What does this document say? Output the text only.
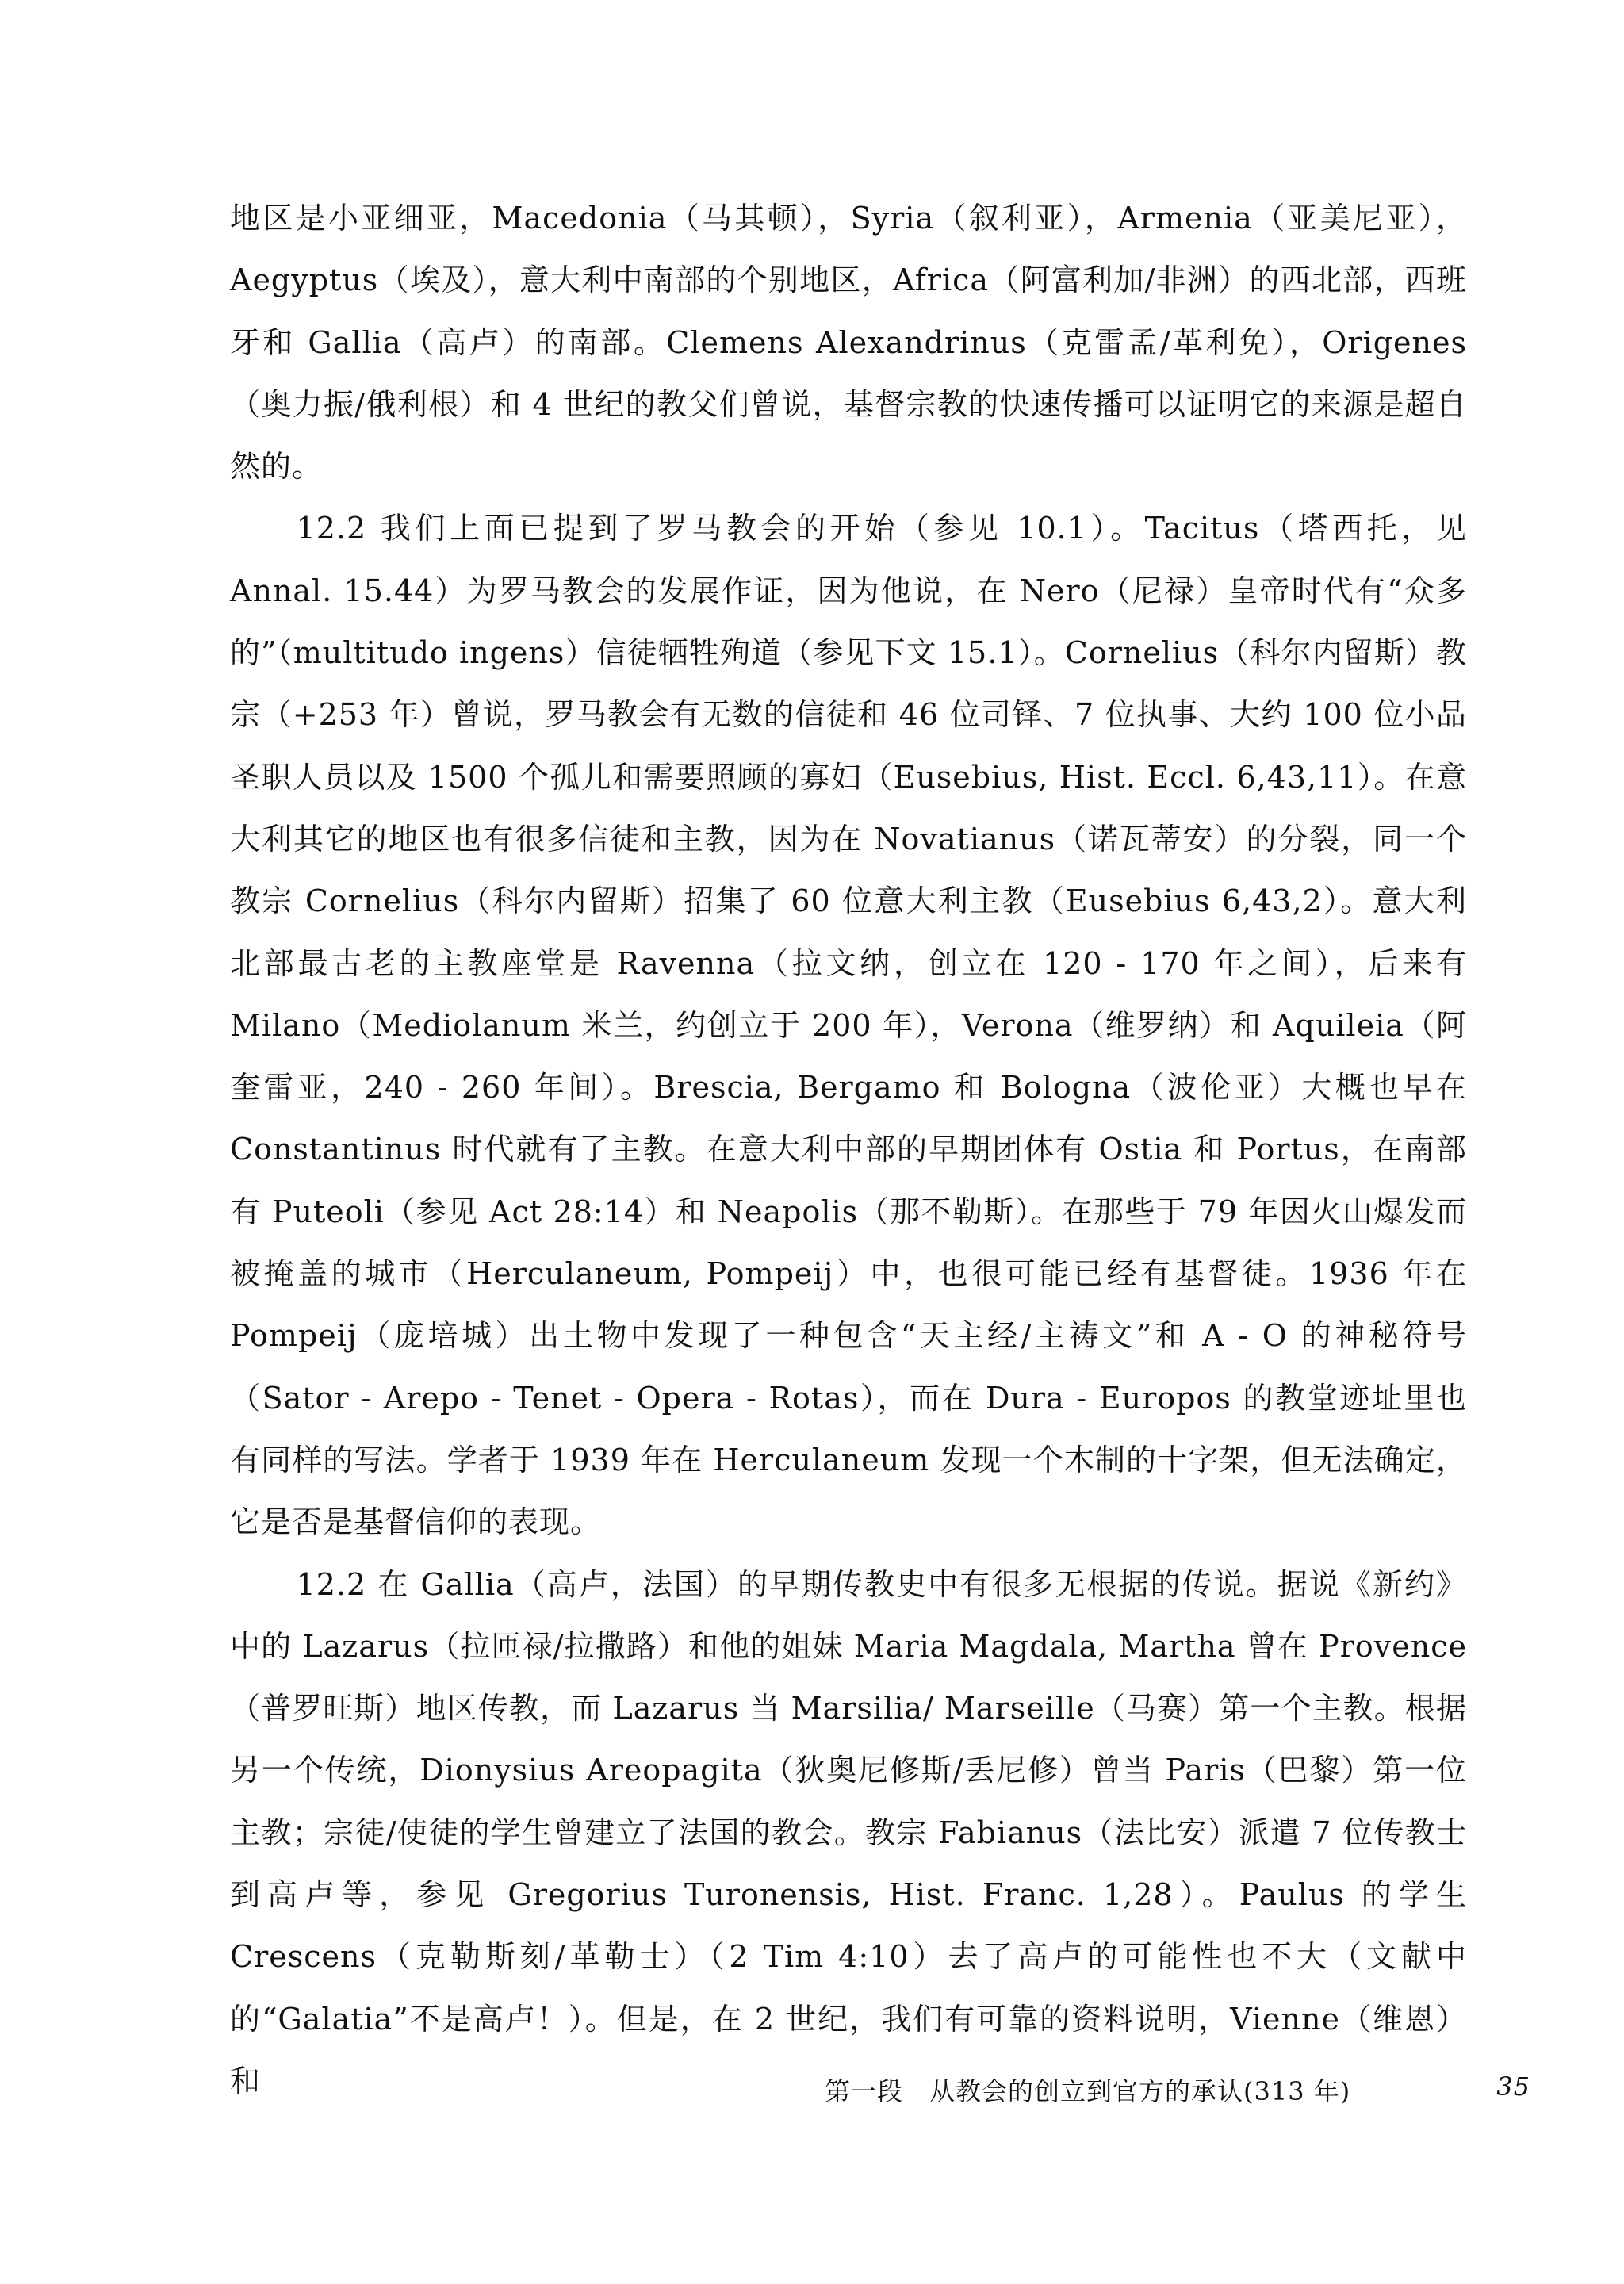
地区是小亚细亚，Macedonia（马其顿），Syria（叙利亚），Armenia（亚美尼亚），Aegyptus（埃及），意大利中南部的个别地区，Africa（阿富利加/非洲）的西北部，西班牙和 Gallia（高卢）的南部。Clemens Alexandrinus（克雷孟/革利免），Origenes（奥力振/俄利根）和 4 世纪的教父们曾说，基督宗教的快速传播可以证明它的来源是超自然的。

12.2 我们上面已提到了罗马教会的开始（参见 10.1）。Tacitus（塔西托，见 Annal. 15.44）为罗马教会的发展作证，因为他说，在 Nero（尼禄）皇帝时代有“众多的”（multitudo ingens）信徒牺牲殉道（参见下文 15.1）。Cornelius（科尔内留斯）教宗（+253 年）曾说，罗马教会有无数的信徒和 46 位司铎、7 位执事、大约 100 位小品圣职人员以及 1500 个孤儿和需要照顾的寡妇（Eusebius, Hist. Eccl. 6,43,11）。在意大利其它的地区也有很多信徒和主教，因为在 Novatianus（诺瓦蒂安）的分裂，同一个教宗 Cornelius（科尔内留斯）招集了 60 位意大利主教（Eusebius 6,43,2）。意大利北部最古老的主教座堂是 Ravenna（拉文纳，创立在 120 - 170 年之间），后来有 Milano（Mediolanum 米兰，约创立于 200 年），Verona（维罗纳）和 Aquileia（阿奎雷亚，240 - 260 年间）。Brescia, Bergamo 和 Bologna（波伦亚）大概也早在 Constantinus 时代就有了主教。在意大利中部的早期团体有 Ostia 和 Portus，在南部有 Puteoli（参见 Act 28:14）和 Neapolis（那不勒斯）。在那些于 79 年因火山爆发而被掩盖的城市（Herculaneum, Pompeij）中，也很可能已经有基督徒。1936 年在 Pompeij（庞培城）出土物中发现了一种包含“天主经/主祷文”和 A - O 的神秘符号（Sator - Arepo - Tenet - Opera - Rotas），而在 Dura - Europos 的教堂迹址里也有同样的写法。学者于 1939 年在 Herculaneum 发现一个木制的十字架，但无法确定，它是否是基督信仰的表现。

12.2 在 Gallia（高卢，法国）的早期传教史中有很多无根据的传说。据说《新约》中的 Lazarus（拉匝禄/拉撒路）和他的姐妹 Maria Magdala, Martha 曾在 Provence（普罗旺斯）地区传教，而 Lazarus 当 Marsilia/ Marseille（马赛）第一个主教。根据另一个传统，Dionysius Areopagita（狄奥尼修斯/丢尼修）曾当 Paris（巴黎）第一位主教；宗徒/使徒的学生曾建立了法国的教会。教宗 Fabianus（法比安）派遣 7 位传教士到高卢等，参见 Gregorius Turonensis, Hist. Franc. 1,28）。Paulus 的学生 Crescens（克勒斯刻/革勒士）（2 Tim 4:10）去了高卢的可能性也不大（文献中的“Galatia”不是高卢！）。但是，在 2 世纪，我们有可靠的资料说明，Vienne（维恩）和	第一段　从教会的创立到官方的承认(313 年)	35
